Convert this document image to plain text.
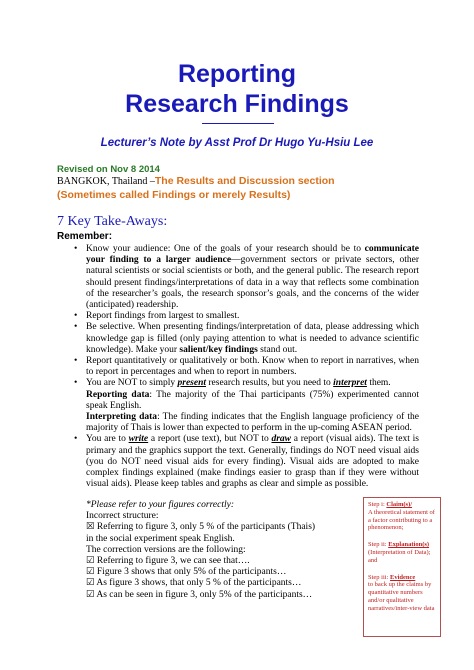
Reporting
Research Findings
Lecturer’s Note by Asst Prof Dr Hugo Yu-Hsiu Lee
Revised on Nov 8 2014
BANGKOK, Thailand –The Results and Discussion section
(Sometimes called Findings or merely Results)
7 Key Take-Aways:
Remember:
• Know your audience: One of the goals of your research should be to communicate your finding to a larger audience—government sectors or private sectors, other natural scientists or social scientists or both, and the general public. The research report should present findings/interpretations of data in a way that reflects some combination of the researcher’s goals, the research sponsor’s goals, and the concerns of the wider (anticipated) readership.
• Report findings from largest to smallest.
• Be selective. When presenting findings/interpretation of data, please addressing which knowledge gap is filled (only paying attention to what is needed to advance scientific knowledge). Make your salient/key findings stand out.
• Report quantitatively or qualitatively or both. Know when to report in narratives, when to report in percentages and when to report in numbers.
• You are NOT to simply present research results, but you need to interpret them.
Reporting data: The majority of the Thai participants (75%) experimented cannot speak English.
Interpreting data: The finding indicates that the English language proficiency of the majority of Thais is lower than expected to perform in the up-coming ASEAN period.
• You are to write a report (use text), but NOT to draw a report (visual aids). The text is primary and the graphics support the text. Generally, findings do NOT need visual aids (you do NOT need visual aids for every finding). Visual aids are adopted to make complex findings explained (make findings easier to grasp than if they were without visual aids). Please keep tables and graphs as clear and simple as possible.
*Please refer to your figures correctly:
Incorrect structure:
☒ Referring to figure 3, only 5 % of the participants (Thais)
in the social experiment speak English.
The correction versions are the following:
☑ Referring to figure 3, we can see that….
☑ Figure 3 shows that only 5% of the participants…
☑ As figure 3 shows, that only 5 % of the participants…
☑ As can be seen in figure 3, only 5% of the participants…

Step i: Claim(s)/
A theoretical statement of a factor contributing to a phenomenon;

Step ii: Explanation(s)
(Interpretation of Data); and

Step iii: Evidence
to back up the claims by quantitative numbers and/or qualitative narratives/inter-view data
